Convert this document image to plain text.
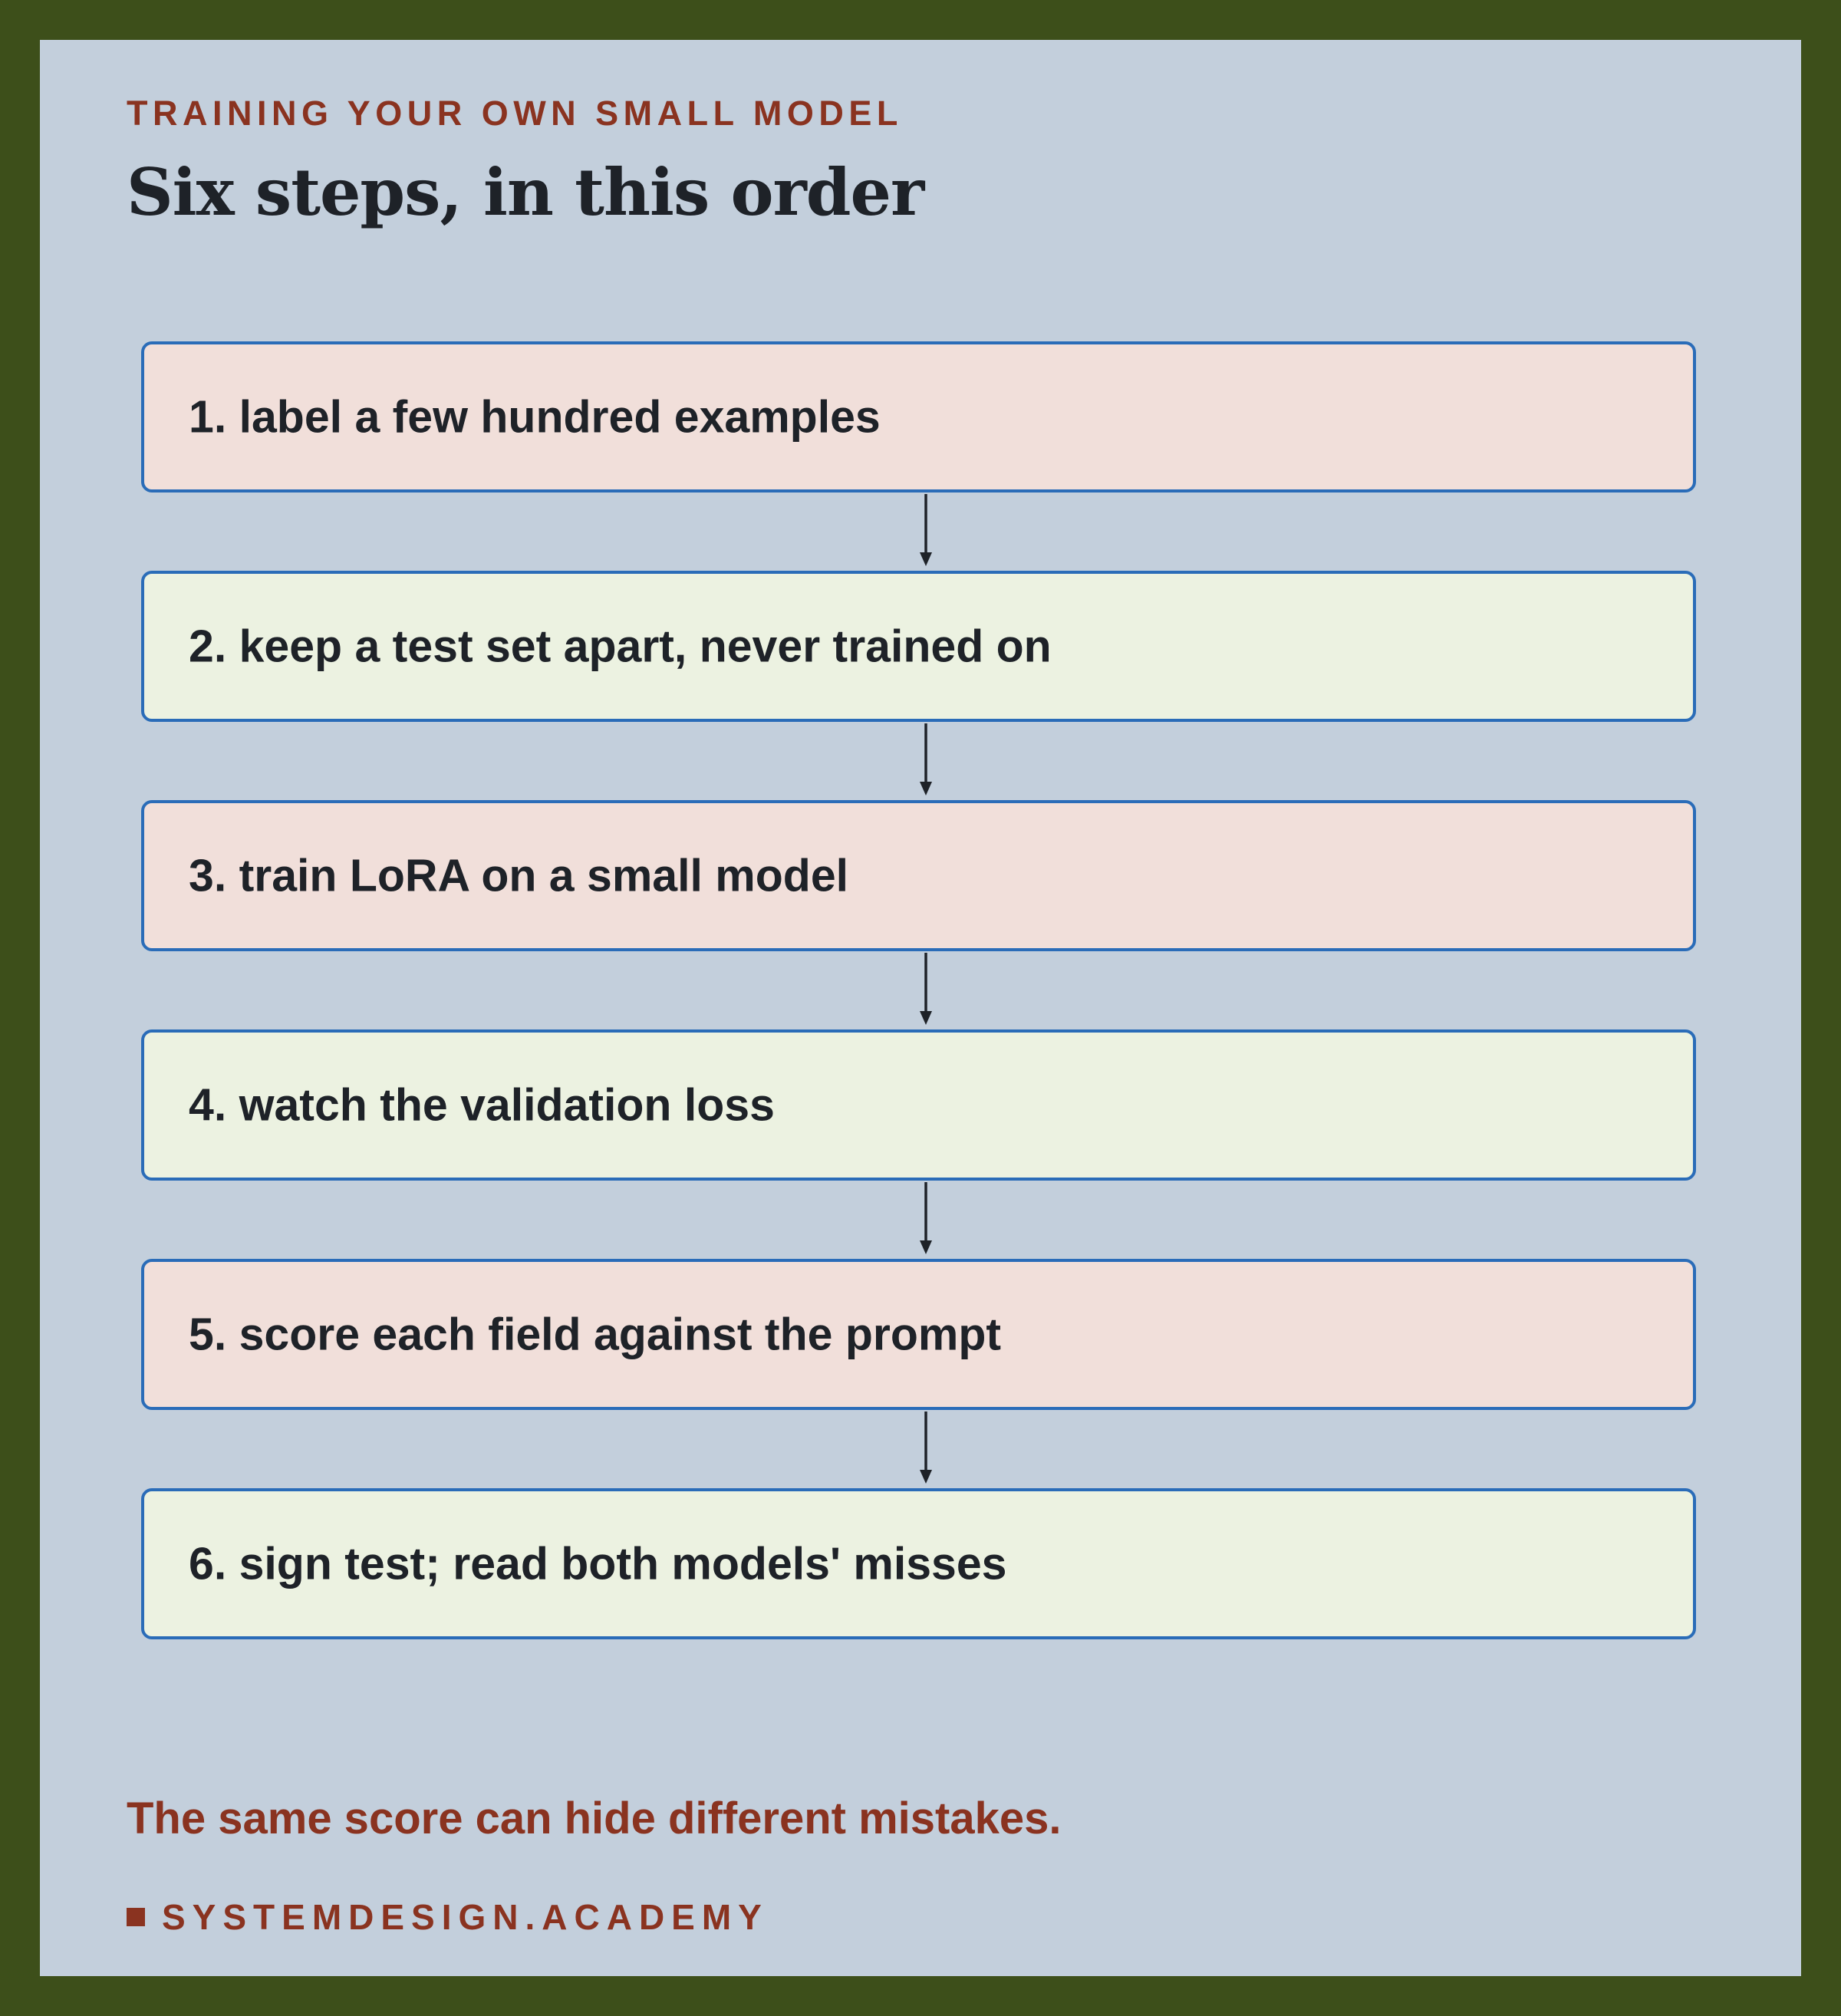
TRAINING YOUR OWN SMALL MODEL
Six steps, in this order
1. label a few hundred examples
2. keep a test set apart, never trained on
3. train LoRA on a small model
4. watch the validation loss
5. score each field against the prompt
6. sign test; read both models' misses
The same score can hide different mistakes.
SYSTEMDESIGN.ACADEMY
